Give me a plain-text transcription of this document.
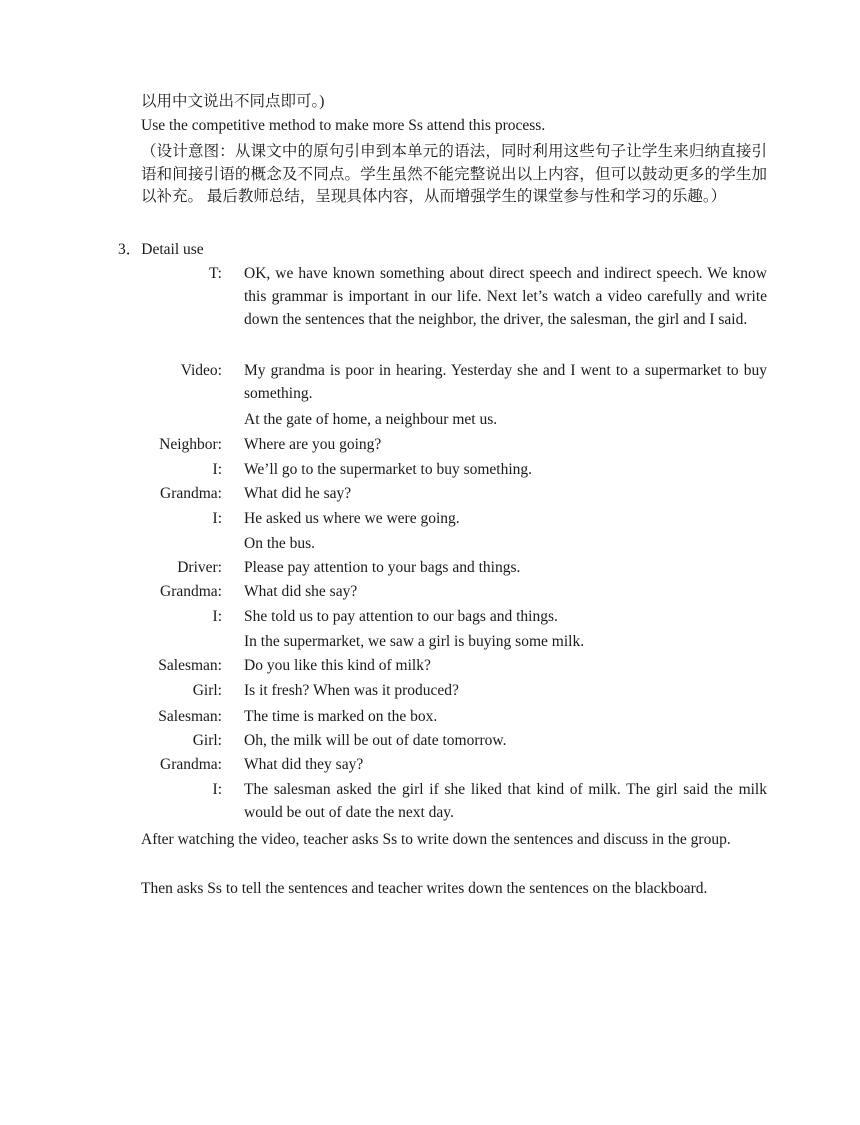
以用中文说出不同点即可。)
Use the competitive method to make more Ss attend this process.
（设计意图：从课文中的原句引申到本单元的语法，同时利用这些句子让学生来归纳直接引语和间接引语的概念及不同点。学生虽然不能完整说出以上内容，但可以鼓动更多的学生加以补充。 最后教师总结，呈现具体内容，从而增强学生的课堂参与性和学习的乐趣。）
3．Detail use
T: OK, we have known something about direct speech and indirect speech. We know this grammar is important in our life. Next let’s watch a video carefully and write down the sentences that the neighbor, the driver, the salesman, the girl and I said.
Video: My grandma is poor in hearing. Yesterday she and I went to a supermarket to buy something.
At the gate of home, a neighbour met us.
Neighbor: Where are you going?
I: We’ll go to the supermarket to buy something.
Grandma: What did he say?
I: He asked us where we were going.
On the bus.
Driver: Please pay attention to your bags and things.
Grandma: What did she say?
I: She told us to pay attention to our bags and things.
In the supermarket, we saw a girl is buying some milk.
Salesman: Do you like this kind of milk?
Girl: Is it fresh? When was it produced?
Salesman: The time is marked on the box.
Girl: Oh, the milk will be out of date tomorrow.
Grandma: What did they say?
I: The salesman asked the girl if she liked that kind of milk. The girl said the milk would be out of date the next day.
After watching the video, teacher asks Ss to write down the sentences and discuss in the group.
Then asks Ss to tell the sentences and teacher writes down the sentences on the blackboard.
